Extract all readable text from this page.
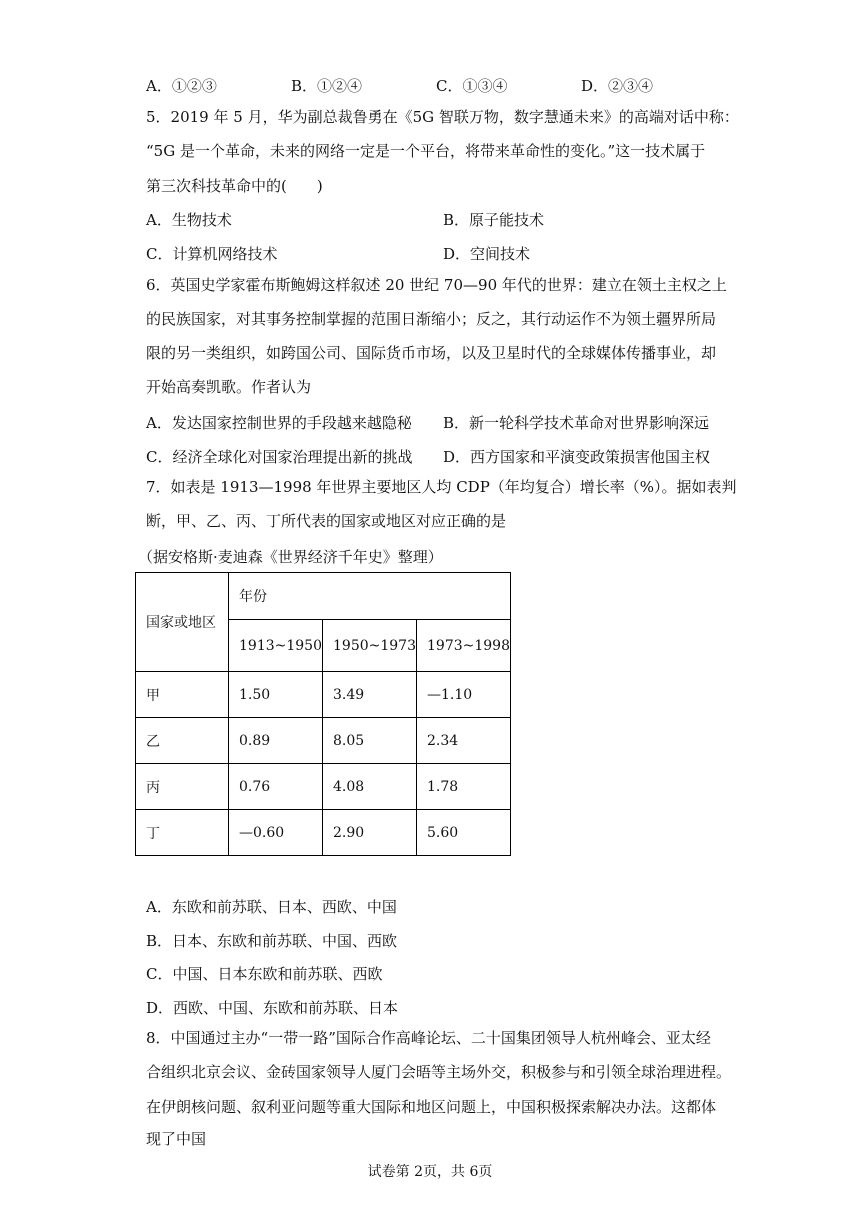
A．①②③	B．①②④	C．①③④	D．②③④
5．2019 年 5 月，华为副总裁鲁勇在《5G 智联万物，数字慧通未来》的高端对话中称：
“5G 是一个革命，未来的网络一定是一个平台，将带来革命性的变化。”这一技术属于
第三次科技革命中的(　　)
A．生物技术	B．原子能技术
C．计算机网络技术	D．空间技术
6．英国史学家霍布斯鲍姆这样叙述 20 世纪 70—90 年代的世界：建立在领土主权之上
的民族国家，对其事务控制掌握的范围日渐缩小；反之，其行动运作不为领土疆界所局
限的另一类组织，如跨国公司、国际货币市场，以及卫星时代的全球媒体传播事业，却
开始高奏凯歌。作者认为
A．发达国家控制世界的手段越来越隐秘 B．新一轮科学技术革命对世界影响深远
C．经济全球化对国家治理提出新的挑战 D．西方国家和平演变政策损害他国主权
7．如表是 1913—1998 年世界主要地区人均 CDP（年均复合）增长率（%）。据如表判
断，甲、乙、丙、丁所代表的国家或地区对应正确的是
（据安格斯·麦迪森《世界经济千年史》整理）
国家或地区	年份		
	1913~1950	1950~1973	1973~1998
甲	1.50	3.49	—1.10
乙	0.89	8.05	2.34
丙	0.76	4.08	1.78
丁	—0.60	2.90	5.60
A．东欧和前苏联、日本、西欧、中国
B．日本、东欧和前苏联、中国、西欧
C．中国、日本东欧和前苏联、西欧
D．西欧、中国、东欧和前苏联、日本
8．中国通过主办“一带一路”国际合作高峰论坛、二十国集团领导人杭州峰会、亚太经
合组织北京会议、金砖国家领导人厦门会晤等主场外交，积极参与和引领全球治理进程。
在伊朗核问题、叙利亚问题等重大国际和地区问题上，中国积极探索解决办法。这都体
现了中国
试卷第 2页，共 6页
